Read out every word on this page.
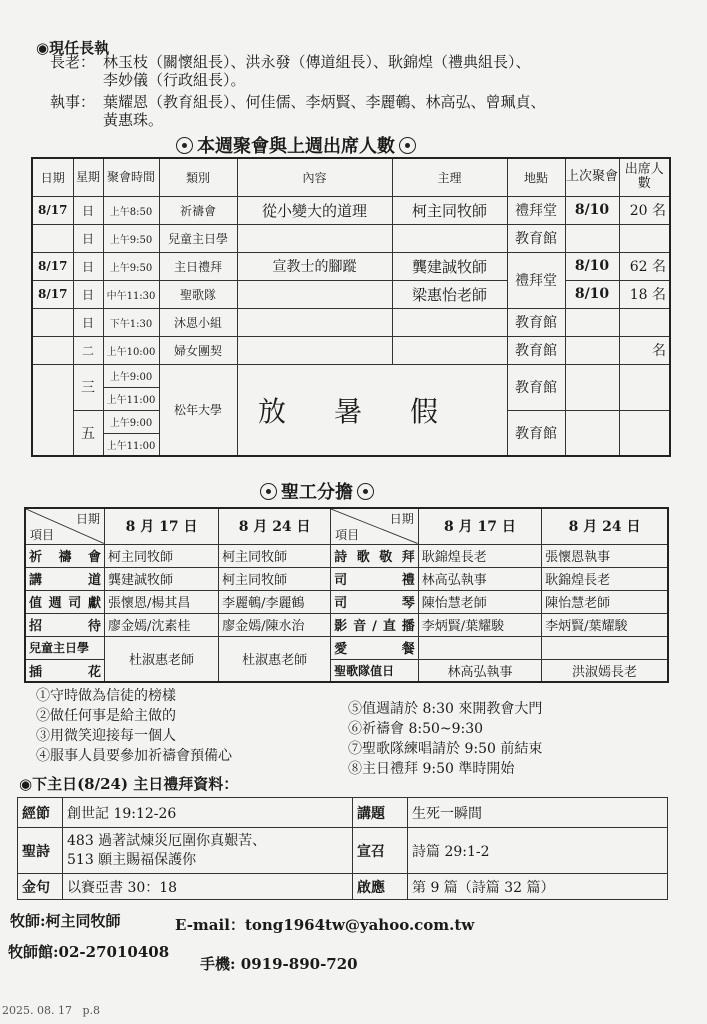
◉現任長執
長老： 林玉枝（關懷組長）、洪永發（傳道組長）、耿錦煌（禮典組長）、
李妙儀（行政組長）。
執事： 葉耀恩（教育組長）、何佳儒、李炳賢、李麗鵪、林高弘、曾珮貞、
黃惠珠。
本週聚會與上週出席人數
日期	星期	聚會時間	類別	內容	主理	地點	上次聚會	出席人數
8/17	日	上午8:50	祈禱會	從小變大的道理	柯主同牧師	禮拜堂	8/10	20 名
	日	上午9:50	兒童主日學			教育館		
8/17	日	上午9:50	主日禮拜	宣教士的腳蹤	龔建誠牧師	禮拜堂	8/10	62 名
8/17	日	中午11:30	聖歌隊		梁惠怡老師		8/10	18 名
	日	下午1:30	沐恩小組			教育館		
	二	上午10:00	婦女團契			教育館		名
	三	上午9:00	松年大學	放暑假		教育館		
		上午11:00						
	五	上午9:00				教育館		
		上午11:00						
聖工分擔
日期
項目	8 月 17 日	8 月 24 日	日期
項目	8 月 17 日	8 月 24 日
祈 禱 會	柯主同牧師	柯主同牧師	詩歌敬拜	耿錦煌長老	張懷恩執事
講 道	龔建誠牧師	柯主同牧師	司 禮	林高弘執事	耿錦煌長老
值週司獻	張懷恩/楊其昌	李麗鵪/李麗鶴	司 琴	陳怡慧老師	陳怡慧老師
招 待	廖金嫣/沈素桂	廖金嫣/陳水治	影音/直播	李炳賢/葉耀駿	李炳賢/葉耀駿
兒童主日學	杜淑惠老師	杜淑惠老師	愛 餐		
插 花			聖歌隊值日	林高弘執事	洪淑嫣長老
①守時做為信徒的榜樣
②做任何事是給主做的
③用微笑迎接每一個人
④服事人員要參加祈禱會預備心
⑤值週請於 8:30 來開教會大門
⑥祈禱會 8:50~9:30
⑦聖歌隊練唱請於 9:50 前結束
⑧主日禮拜 9:50 準時開始
◉下主日(8/24) 主日禮拜資料：
經節	創世記 19:12-26	講題	生死一瞬間
聖詩	483 過著試煉災厄圍你真艱苦、
513 願主賜福保護你	宣召	詩篇 29:1-2
金句	以賽亞書 30：18	啟應	第 9 篇（詩篇 32 篇）
牧師:柯主同牧師	E-mail：tong1964tw@yahoo.com.tw
牧師館:02-27010408
手機: 0919-890-720
2025. 08. 17 p.8
